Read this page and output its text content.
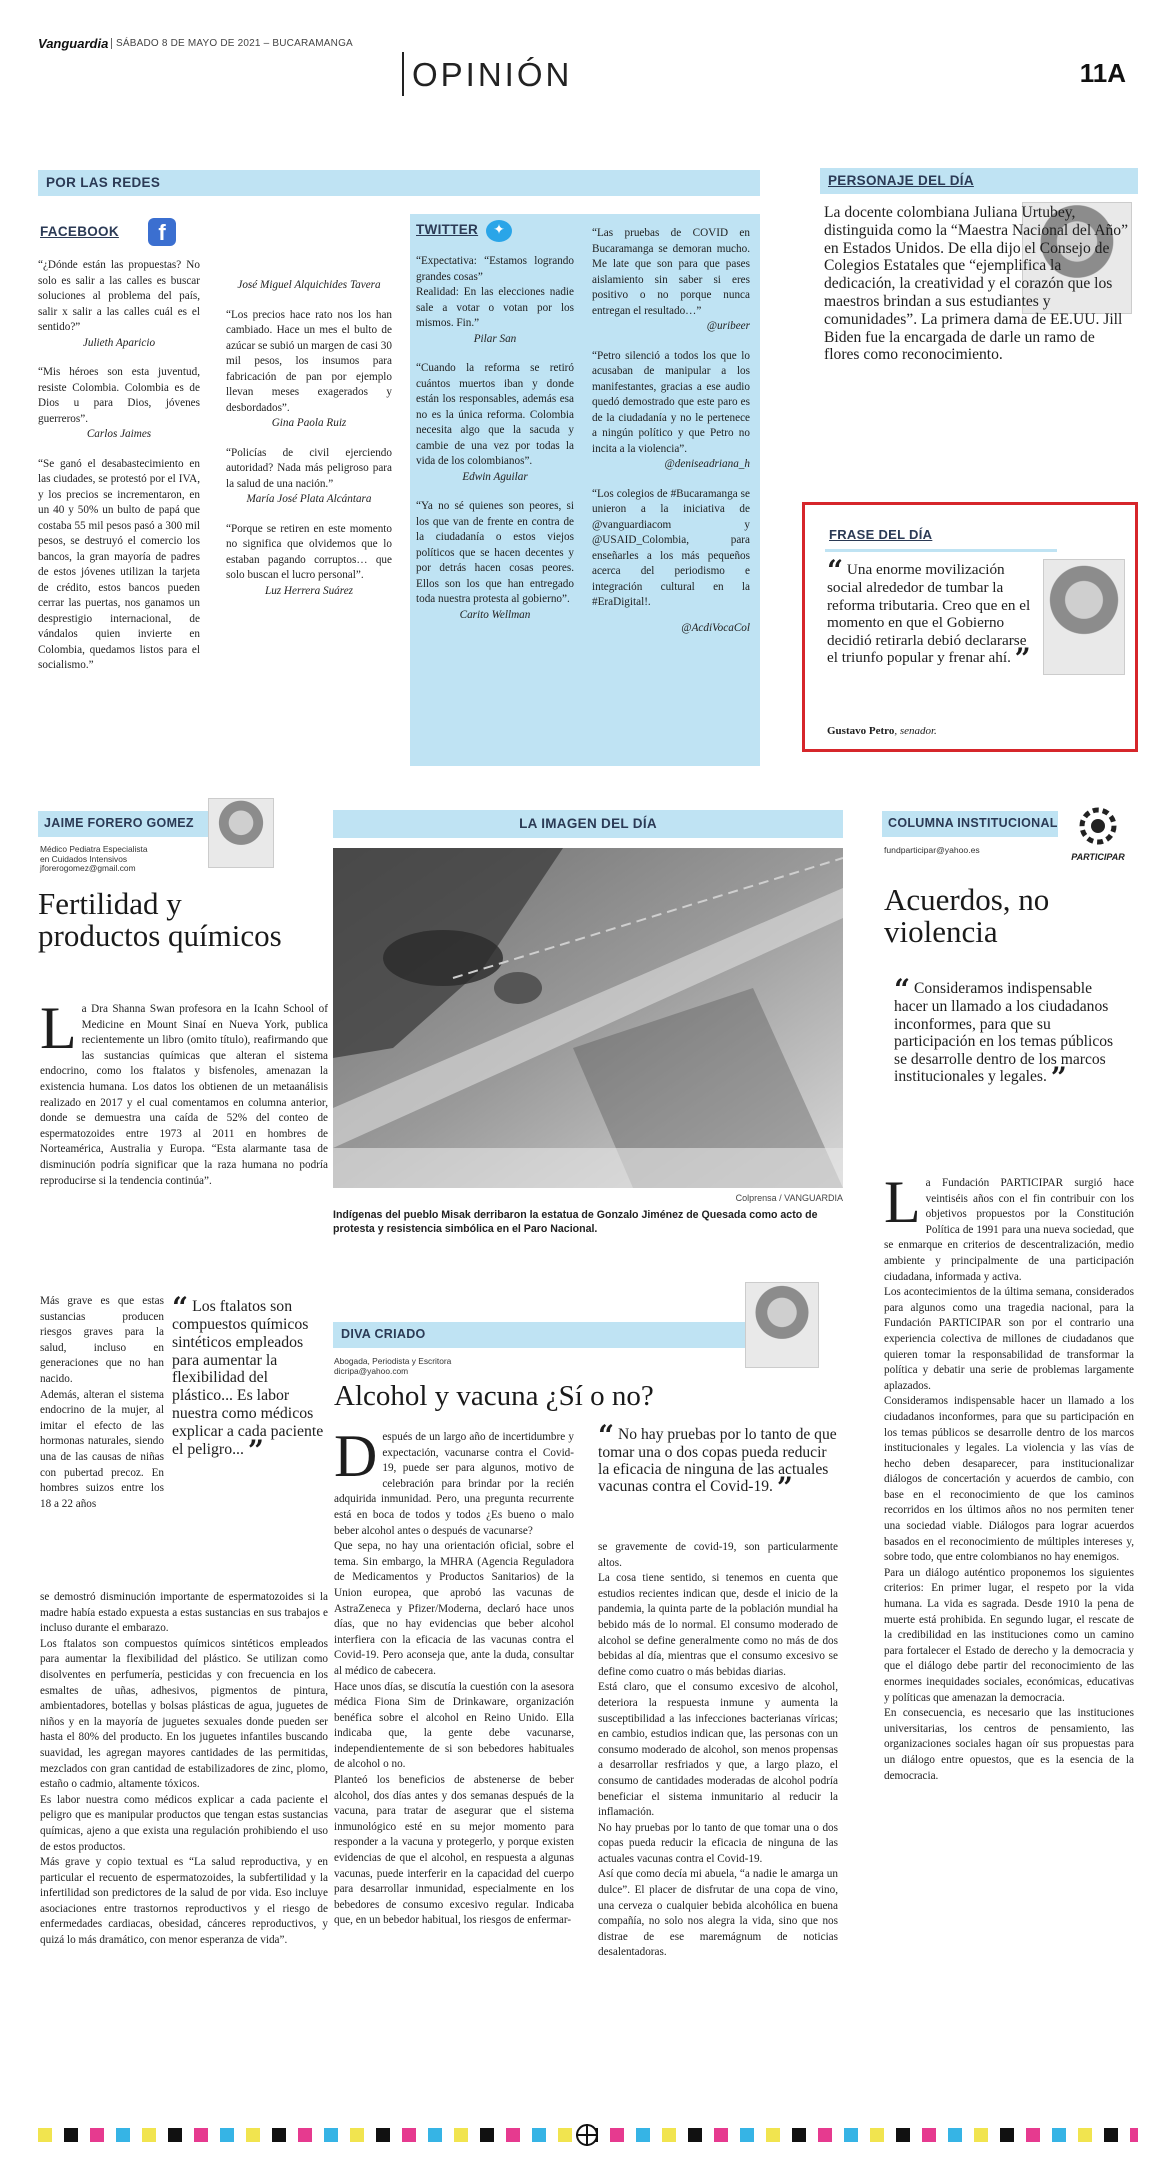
Vanguardia SÁBADO 8 DE MAYO DE 2021 – BUCARAMANGA
OPINIÓN	11A
POR LAS REDES
FACEBOOK	f

“¿Dónde están las propuestas? No solo es salir a las calles es buscar soluciones al problema del país, salir x salir a las calles cuál es el sentido?”

Julieth Aparicio

“Mis héroes son esta juventud, resiste Colombia. Colombia es de Dios u para Dios, jóvenes guerreros”.

Carlos Jaimes

“Se ganó el desabastecimiento en las ciudades, se protestó por el IVA, y los precios se incrementaron, en un 40 y 50% un bulto de papá que costaba 55 mil pesos pasó a 300 mil pesos, se destruyó el comercio los bancos, la gran mayoría de padres de estos jóvenes utilizan la tarjeta de crédito, estos bancos pueden cerrar las puertas, nos ganamos un desprestigio internacional, de vándalos quien invierte en Colombia, quedamos listos para el socialismo.”

José Miguel Alquichides Tavera

“Los precios hace rato nos los han cambiado. Hace un mes el bulto de azúcar se subió un margen de casi 30 mil pesos, los insumos para fabricación de pan por ejemplo llevan meses exagerados y desbordados”.

Gina Paola Ruiz

“Policías de civil ejerciendo autoridad? Nada más peligroso para la salud de una nación.”

María José Plata Alcántara

“Porque se retiren en este momento no significa que olvidemos que lo estaban pagando corruptos… que solo buscan el lucro personal”.

Luz Herrera Suárez
TWITTER	✦

“Expectativa: “Estamos logrando grandes cosas”
Realidad: En las elecciones nadie sale a votar o votan por los mismos. Fin.”

Pilar San

“Cuando la reforma se retiró cuántos muertos iban y donde están los responsables, además esa no es la única reforma. Colombia necesita algo que la sacuda y cambie de una vez por todas la vida de los colombianos”.

Edwin Aguilar

“Ya no sé quienes son peores, si los que van de frente en contra de la ciudadanía o estos viejos políticos que se hacen decentes y por detrás hacen cosas peores. Ellos son los que han entregado toda nuestra protesta al gobierno”.

Carito Wellman

“Las pruebas de COVID en Bucaramanga se demoran mucho. Me late que son para que pases aislamiento sin saber si eres positivo o no porque nunca entregan el resultado…”

@uribeer

“Petro silenció a todos los que lo acusaban de manipular a los manifestantes, gracias a ese audio quedó demostrado que este paro es de la ciudadanía y no le pertenece a ningún político y que Petro no incita a la violencia”.

@deniseadriana_h

“Los colegios de #Bucaramanga se unieron a la iniciativa de @vanguardiacom y @USAID_Colombia, para enseñarles a los más pequeños acerca del periodismo e integración cultural en la #EraDigital!.

@AcdiVocaCol
PERSONAJE DEL DÍA
La docente colombiana Juliana Urtubey, distinguida como la “Maestra Nacional del Año” en Estados Unidos. De ella dijo el Consejo de Colegios Estatales que “ejemplifica la dedicación, la creatividad y el corazón que los maestros brindan a sus estudiantes y comunidades”. La primera dama de EE.UU. Jill Biden fue la encargada de darle un ramo de flores como reconocimiento.
FRASE DEL DÍA
“ Una enorme movilización social alrededor de tumbar la reforma tributaria. Creo que en el momento en que el Gobierno decidió retirarla debió declararse el triunfo popular y frenar ahí. ”
Gustavo Petro, senador.
JAIME FORERO GOMEZ
Médico Pediatra Especialista
en Cuidados Intensivos
jforerogomez@gmail.com
Fertilidad y productos químicos
L a Dra Shanna Swan profesora en la Icahn School of Medicine en Mount Sinaí en Nueva York, publica recientemente un libro (omito título), reafirmando que las sustancias químicas que alteran el sistema endocrino, como los ftalatos y bisfenoles, amenazan la existencia humana. Los datos los obtienen de un metaanálisis realizado en 2017 y el cual comentamos en columna anterior, donde se demuestra una caída de 52% del conteo de espermatozoides entre 1973 al 2011 en hombres de Norteamérica, Australia y Europa. “Esta alarmante tasa de disminución podría significar que la raza humana no podría reproducirse si la tendencia continúa”.

Más grave es que estas sustancias producen riesgos graves para la salud, incluso en generaciones que no han nacido.
Además, alteran el sistema endocrino de la mujer, al imitar el efecto de las hormonas naturales, siendo una de las causas de niñas con pubertad precoz. En hombres suizos entre los 18 a 22 años

“ Los ftalatos son compuestos químicos sintéticos empleados para aumentar la flexibilidad del plástico... Es labor nuestra como médicos explicar a cada paciente el peligro... ”

se demostró disminución importante de espermatozoides si la madre había estado expuesta a estas sustancias en sus trabajos e incluso durante el embarazo.
Los ftalatos son compuestos químicos sintéticos empleados para aumentar la flexibilidad del plástico. Se utilizan como disolventes en perfumería, pesticidas y con frecuencia en los esmaltes de uñas, adhesivos, pigmentos de pintura, ambientadores, botellas y bolsas plásticas de agua, juguetes de niños y en la mayoría de juguetes sexuales donde pueden ser hasta el 80% del producto. En los juguetes infantiles buscando suavidad, les agregan mayores cantidades de las permitidas, mezclados con gran cantidad de estabilizadores de zinc, plomo, estaño o cadmio, altamente tóxicos.
Es labor nuestra como médicos explicar a cada paciente el peligro que es manipular productos que tengan estas sustancias químicas, ajeno a que exista una regulación prohibiendo el uso de estos productos.
Más grave y copio textual es “La salud reproductiva, y en particular el recuento de espermatozoides, la subfertilidad y la infertilidad son predictores de la salud de por vida. Eso incluye asociaciones entre trastornos reproductivos y el riesgo de enfermedades cardiacas, obesidad, cánceres reproductivos, y quizá lo más dramático, con menor esperanza de vida”.

LA IMAGEN DEL DÍA
Colprensa / VANGUARDIA
Indígenas del pueblo Misak derribaron la estatua de Gonzalo Jiménez de Quesada como acto de protesta y resistencia simbólica en el Paro Nacional.
DIVA CRIADO
Abogada, Periodista y Escritora
dicripa@yahoo.com
Alcohol y vacuna ¿Sí o no?
D espués de un largo año de incertidumbre y expectación, vacunarse contra el Covid-19, puede ser para algunos, motivo de celebración para brindar por la recién adquirida inmunidad. Pero, una pregunta recurrente está en boca de todos y todos ¿Es bueno o malo beber alcohol antes o después de vacunarse?
Que sepa, no hay una orientación oficial, sobre el tema. Sin embargo, la MHRA (Agencia Reguladora de Medicamentos y Productos Sanitarios) de la Union europea, que aprobó las vacunas de AstraZeneca y Pfizer/Moderna, declaró hace unos días, que no hay evidencias que beber alcohol interfiera con la eficacia de las vacunas contra el Covid-19. Pero aconseja que, ante la duda, consultar al médico de cabecera.
Hace unos días, se discutía la cuestión con la asesora médica Fiona Sim de Drinkaware, organización benéfica sobre el alcohol en Reino Unido. Ella indicaba que, la gente debe vacunarse, independientemente de si son bebedores habituales de alcohol o no.
Planteó los beneficios de abstenerse de beber alcohol, dos días antes y dos semanas después de la vacuna, para tratar de asegurar que el sistema inmunológico esté en su mejor momento para responder a la vacuna y protegerlo, y porque existen evidencias de que el alcohol, en respuesta a algunas vacunas, puede interferir en la capacidad del cuerpo para desarrollar inmunidad, especialmente en los bebedores de consumo excesivo regular. Indicaba que, en un bebedor habitual, los riesgos de enfermar-

“ No hay pruebas por lo tanto de que tomar una o dos copas pueda reducir la eficacia de ninguna de las actuales vacunas contra el Covid-19. ”

se gravemente de covid-19, son particularmente altos.
La cosa tiene sentido, si tenemos en cuenta que estudios recientes indican que, desde el inicio de la pandemia, la quinta parte de la población mundial ha bebido más de lo normal. El consumo moderado de alcohol se define generalmente como no más de dos bebidas al día, mientras que el consumo excesivo se define como cuatro o más bebidas diarias.
Está claro, que el consumo excesivo de alcohol, deteriora la respuesta inmune y aumenta la susceptibilidad a las infecciones bacterianas víricas; en cambio, estudios indican que, las personas con un consumo moderado de alcohol, son menos propensas a desarrollar resfriados y que, a largo plazo, el consumo de cantidades moderadas de alcohol podría beneficiar el sistema inmunitario al reducir la inflamación.
No hay pruebas por lo tanto de que tomar una o dos copas pueda reducir la eficacia de ninguna de las actuales vacunas contra el Covid-19.
Así que como decía mi abuela, “a nadie le amarga un dulce”. El placer de disfrutar de una copa de vino, una cerveza o cualquier bebida alcohólica en buena compañía, no solo nos alegra la vida, sino que nos distrae de ese maremágnum de noticias desalentadoras.

COLUMNA INSTITUCIONAL
fundparticipar@yahoo.es
PARTICIPAR
Acuerdos, no violencia
“ Consideramos indispensable hacer un llamado a los ciudadanos inconformes, para que su participación en los temas públicos se desarrolle dentro de los marcos institucionales y legales. ”
L a Fundación PARTICIPAR surgió hace veintiséis años con el fin contribuir con los objetivos propuestos por la Constitución Política de 1991 para una nueva sociedad, que se enmarque en criterios de descentralización, medio ambiente y principalmente de una participación ciudadana, informada y activa.
Los acontecimientos de la última semana, considerados para algunos como una tragedia nacional, para la Fundación PARTICIPAR son por el contrario una experiencia colectiva de millones de ciudadanos que quieren tomar la responsabilidad de transformar la política y debatir una serie de problemas largamente aplazados.
Consideramos indispensable hacer un llamado a los ciudadanos inconformes, para que su participación en los temas públicos se desarrolle dentro de los marcos institucionales y legales. La violencia y las vías de hecho deben desaparecer, para institucionalizar diálogos de concertación y acuerdos de cambio, con base en el reconocimiento de que los caminos recorridos en los últimos años no nos permiten tener una sociedad viable. Diálogos para lograr acuerdos basados en el reconocimiento de múltiples intereses y, sobre todo, que entre colombianos no hay enemigos.
Para un diálogo auténtico proponemos los siguientes criterios: En primer lugar, el respeto por la vida humana. La vida es sagrada. Desde 1910 la pena de muerte está prohibida. En segundo lugar, el rescate de la credibilidad en las instituciones como un camino para fortalecer el Estado de derecho y la democracia y que el diálogo debe partir del reconocimiento de las enormes inequidades sociales, económicas, educativas y políticas que amenazan la democracia.
En consecuencia, es necesario que las instituciones universitarias, los centros de pensamiento, las organizaciones sociales hagan oír sus propuestas para un diálogo entre opuestos, que es la esencia de la democracia.
